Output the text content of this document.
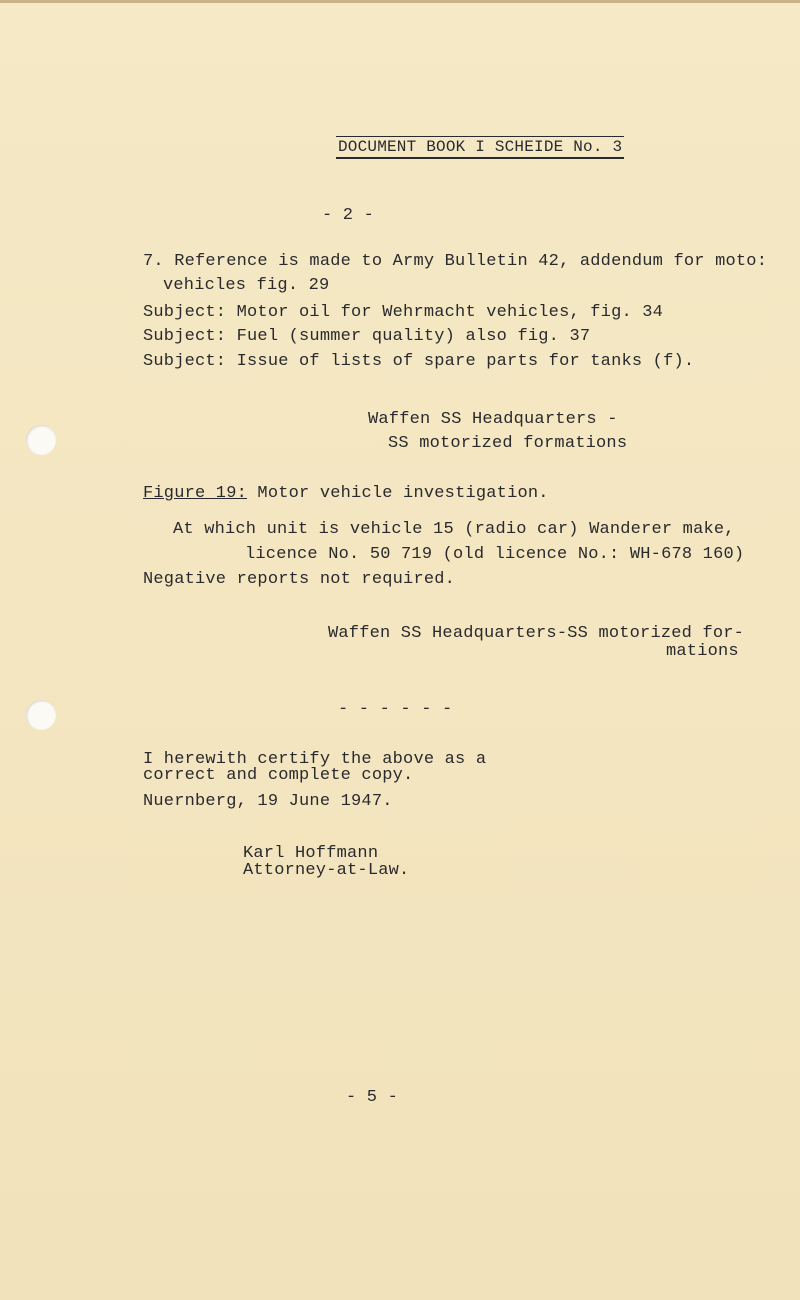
DOCUMENT BOOK I SCHEIDE No. 3
- 2 -
7. Reference is made to Army Bulletin 42, addendum for moto:
vehicles fig. 29
Subject: Motor oil for Wehrmacht vehicles, fig. 34
Subject: Fuel (summer quality) also fig. 37
Subject: Issue of lists of spare parts for tanks (f).
Waffen SS Headquarters -
SS motorized formations
Figure 19: Motor vehicle investigation.
At which unit is vehicle 15 (radio car) Wanderer make,
licence No. 50 719 (old licence No.: WH-678 160)
Negative reports not required.
Waffen SS Headquarters-SS motorized for-
mations
- - - - - -
I herewith certify the above as a
correct and complete copy.
Nuernberg, 19 June 1947.
Karl Hoffmann
Attorney-at-Law.
- 5 -
